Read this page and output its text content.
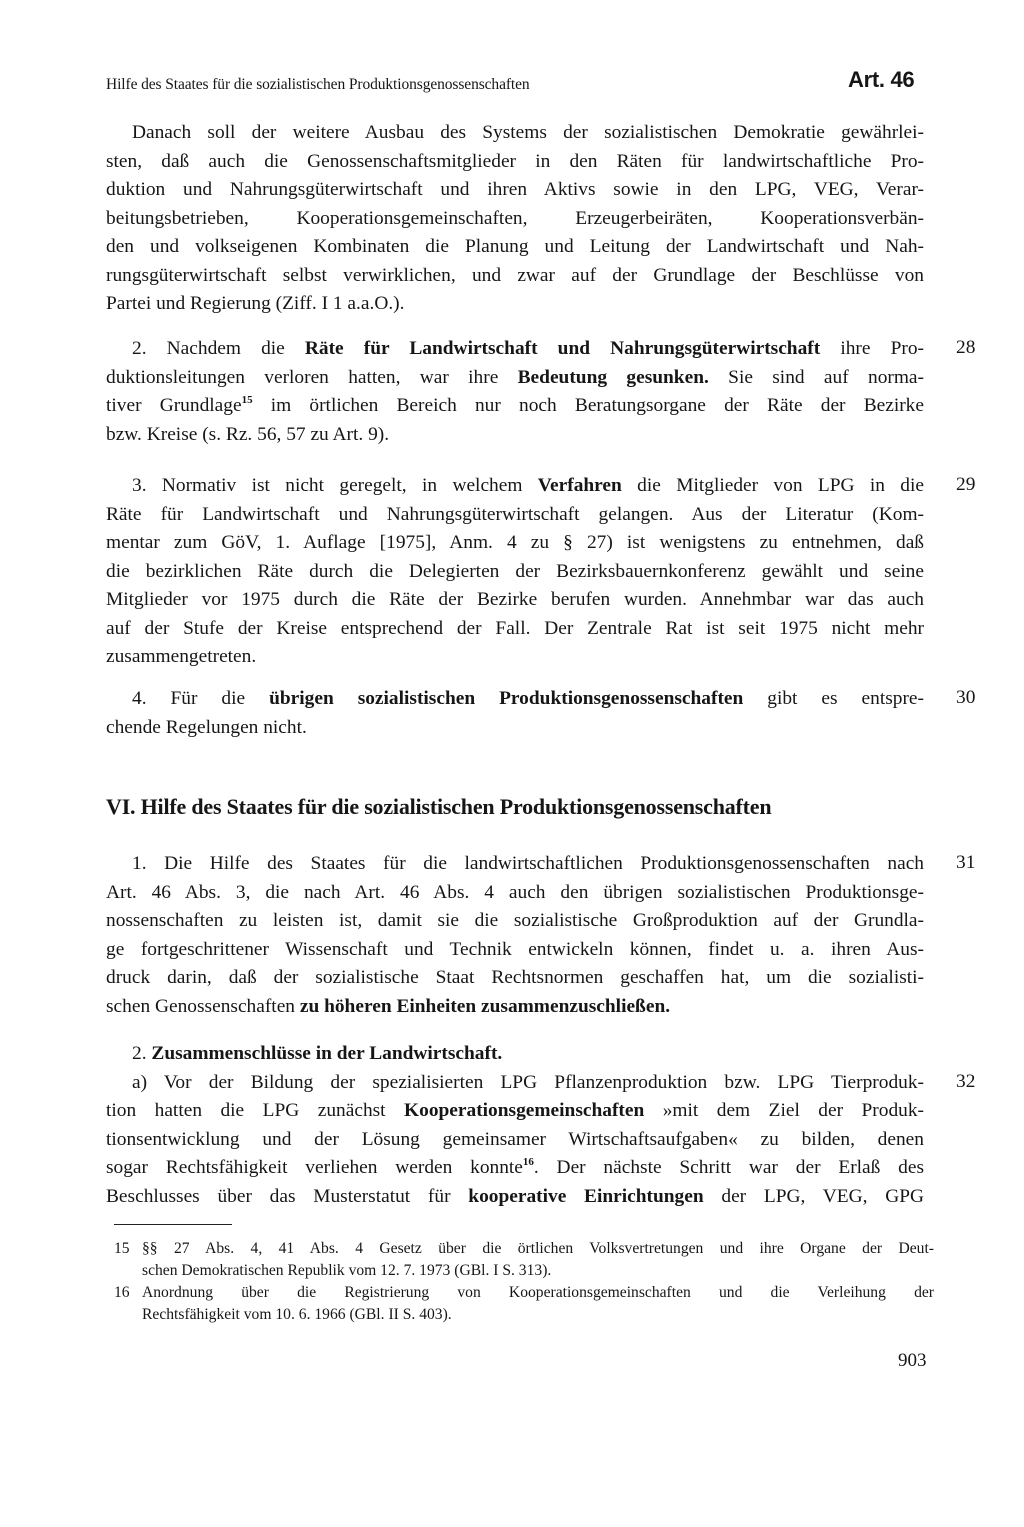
Hilfe des Staates für die sozialistischen Produktionsgenossenschaften	Art. 46
Danach soll der weitere Ausbau des Systems der sozialistischen Demokratie gewährlei-
sten, daß auch die Genossenschaftsmitglieder in den Räten für landwirtschaftliche Pro-
duktion und Nahrungsgüterwirtschaft und ihren Aktivs sowie in den LPG, VEG, Verar-
beitungsbetrieben, Kooperationsgemeinschaften, Erzeugerbeiräten, Kooperationsverbän-
den und volkseigenen Kombinaten die Planung und Leitung der Landwirtschaft und Nah-
rungsgüterwirtschaft selbst verwirklichen, und zwar auf der Grundlage der Beschlüsse von
Partei und Regierung (Ziff. I 1 a.a.O.).
28
2. Nachdem die Räte für Landwirtschaft und Nahrungsgüterwirtschaft ihre Pro-
duktionsleitungen verloren hatten, war ihre Bedeutung gesunken. Sie sind auf norma-
tiver Grundlage$^{15}$ im örtlichen Bereich nur noch Beratungsorgane der Räte der Bezirke
bzw. Kreise (s. Rz. 56, 57 zu Art. 9).
29
3. Normativ ist nicht geregelt, in welchem Verfahren die Mitglieder von LPG in die
Räte für Landwirtschaft und Nahrungsgüterwirtschaft gelangen. Aus der Literatur (Kom-
mentar zum GöV, 1. Auflage [1975], Anm. 4 zu § 27) ist wenigstens zu entnehmen, daß
die bezirklichen Räte durch die Delegierten der Bezirksbauernkonferenz gewählt und seine
Mitglieder vor 1975 durch die Räte der Bezirke berufen wurden. Annehmbar war das auch
auf der Stufe der Kreise entsprechend der Fall. Der Zentrale Rat ist seit 1975 nicht mehr
zusammengetreten.
30
4. Für die übrigen sozialistischen Produktionsgenossenschaften gibt es entspre-
chende Regelungen nicht.
VI. Hilfe des Staates für die sozialistischen Produktionsgenossenschaften
31
1. Die Hilfe des Staates für die landwirtschaftlichen Produktionsgenossenschaften nach
Art. 46 Abs. 3, die nach Art. 46 Abs. 4 auch den übrigen sozialistischen Produktionsge-
nossenschaften zu leisten ist, damit sie die sozialistische Großproduktion auf der Grundla-
ge fortgeschrittener Wissenschaft und Technik entwickeln können, findet u. a. ihren Aus-
druck darin, daß der sozialistische Staat Rechtsnormen geschaffen hat, um die sozialisti-
schen Genossenschaften zu höheren Einheiten zusammenzuschließen.
32
2. Zusammenschlüsse in der Landwirtschaft.
a) Vor der Bildung der spezialisierten LPG Pflanzenproduktion bzw. LPG Tierproduk-
tion hatten die LPG zunächst Kooperationsgemeinschaften »mit dem Ziel der Produk-
tionsentwicklung und der Lösung gemeinsamer Wirtschaftsaufgaben« zu bilden, denen
sogar Rechtsfähigkeit verliehen werden konnte$^{16}$. Der nächste Schritt war der Erlaß des
Beschlusses über das Musterstatut für kooperative Einrichtungen der LPG, VEG, GPG
15 §§ 27 Abs. 4, 41 Abs. 4 Gesetz über die örtlichen Volksvertretungen und ihre Organe der Deut-
schen Demokratischen Republik vom 12. 7. 1973 (GBl. I S. 313).
16 Anordnung über die Registrierung von Kooperationsgemeinschaften und die Verleihung der
Rechtsfähigkeit vom 10. 6. 1966 (GBl. II S. 403).
903
